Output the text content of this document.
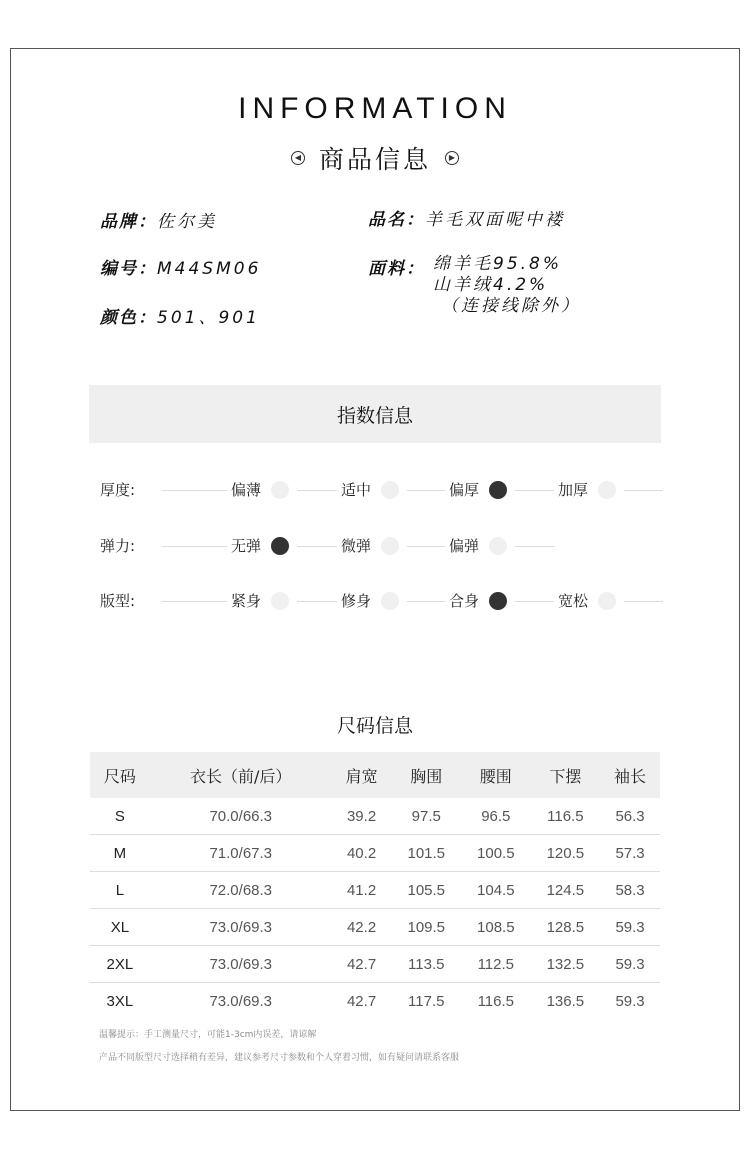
INFORMATION
◀ 商品信息	▶
品牌：佐尔美	品名：羊毛双面呢中褛
编号：M44SM06	面料： 绵羊毛95.8%
山羊绒4.2%
（连接线除外）
颜色：501、901
指数信息
厚度:	偏薄	适中	偏厚	加厚
弹力:	无弹	微弹	偏弹
版型:	紧身	修身	合身	宽松
尺码信息
尺码	衣长（前/后）	肩宽	胸围	腰围	下摆	袖长
S	70.0/66.3	39.2	97.5	96.5	116.5	56.3
M	71.0/67.3	40.2	101.5	100.5	120.5	57.3
L	72.0/68.3	41.2	105.5	104.5	124.5	58.3
XL	73.0/69.3	42.2	109.5	108.5	128.5	59.3
2XL	73.0/69.3	42.7	113.5	112.5	132.5	59.3
3XL	73.0/69.3	42.7	117.5	116.5	136.5	59.3
温馨提示：手工测量尺寸，可能1-3cm内误差，请谅解
产品不同版型尺寸选择稍有差异，建议参考尺寸参数和个人穿着习惯，如有疑问请联系客服
